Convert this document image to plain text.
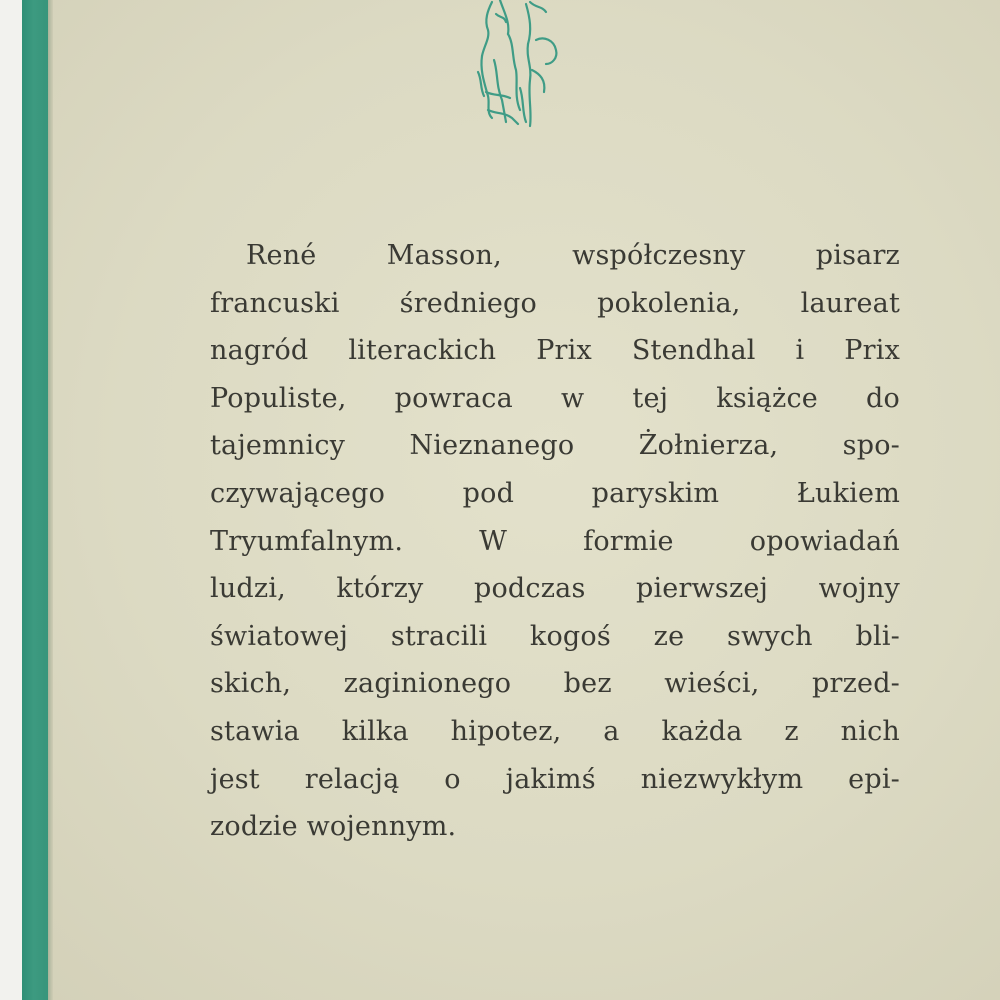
René Masson, współczesny pisarz
francuski średniego pokolenia, laureat
nagród literackich Prix Stendhal i Prix
Populiste, powraca w tej książce do
tajemnicy Nieznanego Żołnierza, spo-
czywającego pod paryskim Łukiem
Tryumfalnym. W formie opowiadań
ludzi, którzy podczas pierwszej wojny
światowej stracili kogoś ze swych bli-
skich, zaginionego bez wieści, przed-
stawia kilka hipotez, a każda z nich
jest relacją o jakimś niezwykłym epi-
zodzie wojennym.
